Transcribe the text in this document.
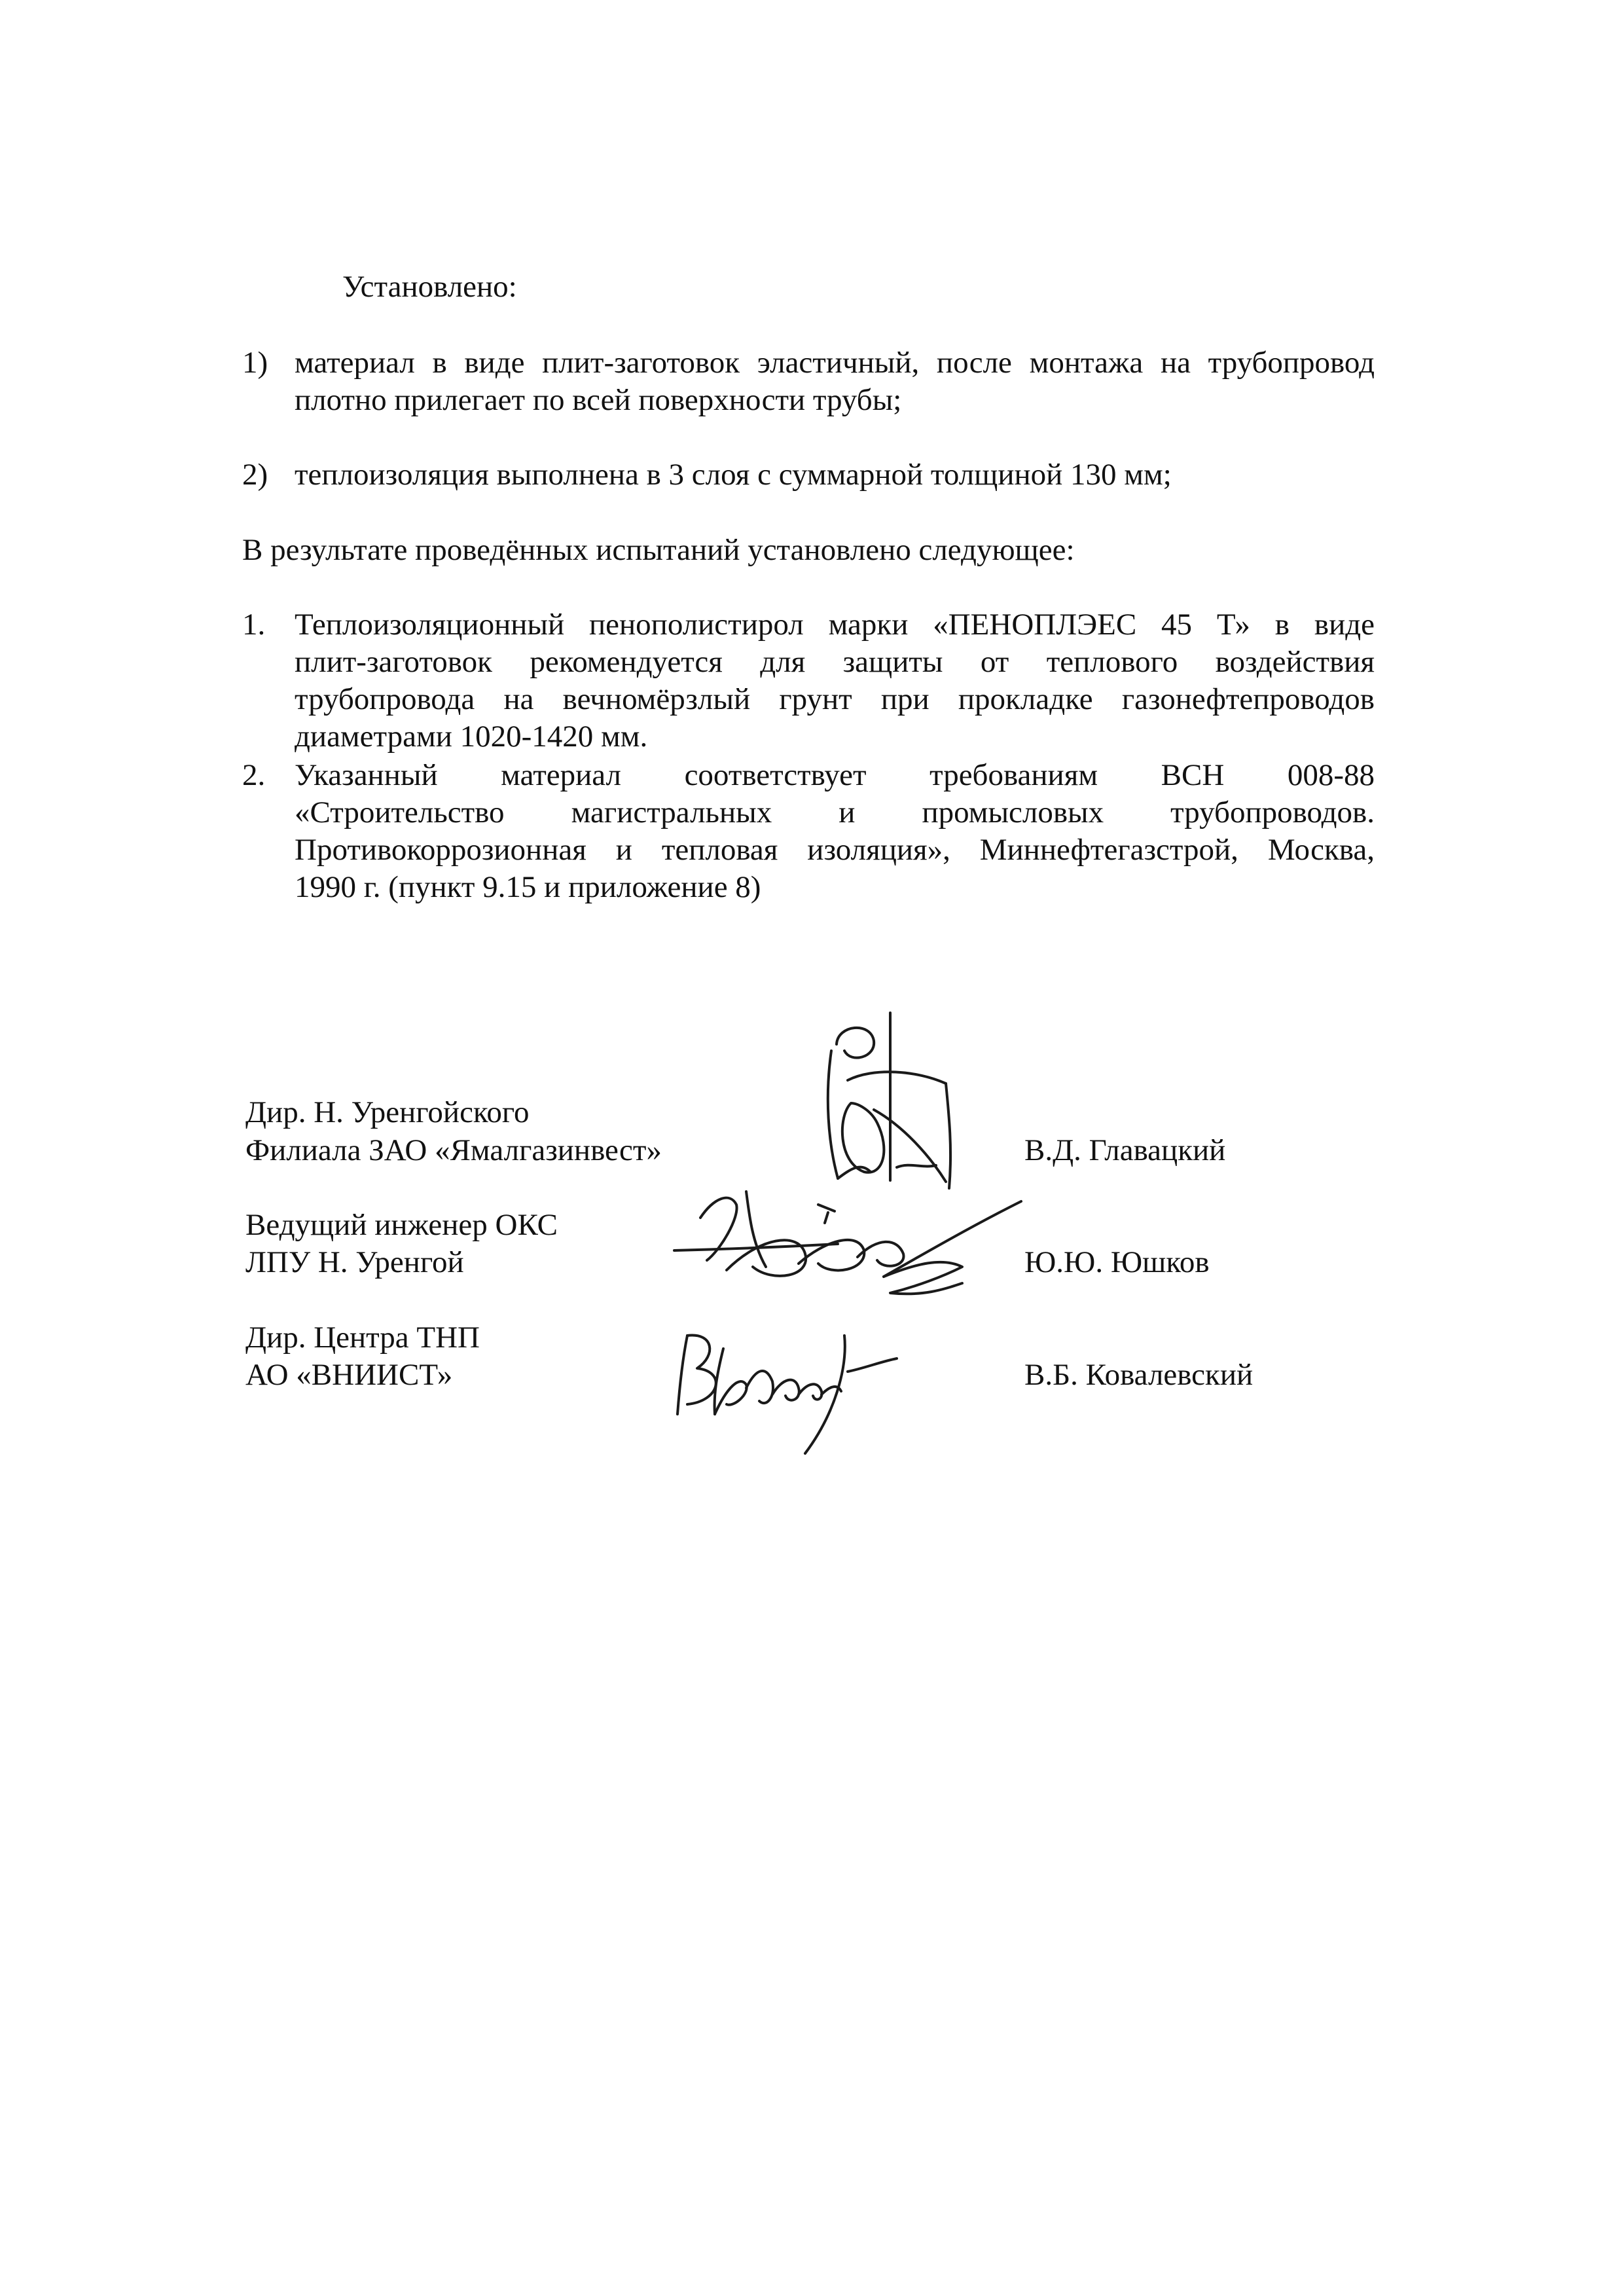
Установлено:
1) материал в виде плит-заготовок эластичный, после монтажа на трубопровод
плотно прилегает по всей поверхности трубы;
2) теплоизоляция выполнена в 3 слоя с суммарной толщиной 130 мм;
В результате проведённых испытаний установлено следующее:
1. Теплоизоляционный пенополистирол марки «ПЕНОПЛЭЕС 45 Т» в виде
плит-заготовок рекомендуется для защиты от теплового воздействия
трубопровода на вечномёрзлый грунт при прокладке газонефтепроводов
диаметрами 1020-1420 мм.
2. Указанный материал соответствует требованиям ВСН 008-88
«Строительство магистральных и промысловых трубопроводов.
Противокоррозионная и тепловая изоляция», Миннефтегазстрой, Москва,
1990 г. (пункт 9.15 и приложение 8)
Дир. Н. Уренгойского
Филиала ЗАО «Ямалгазинвест»	В.Д. Главацкий
Ведущий инженер ОКС
ЛПУ Н. Уренгой	Ю.Ю. Юшков
Дир. Центра ТНП
АО «ВНИИСТ»	В.Б. Ковалевский
